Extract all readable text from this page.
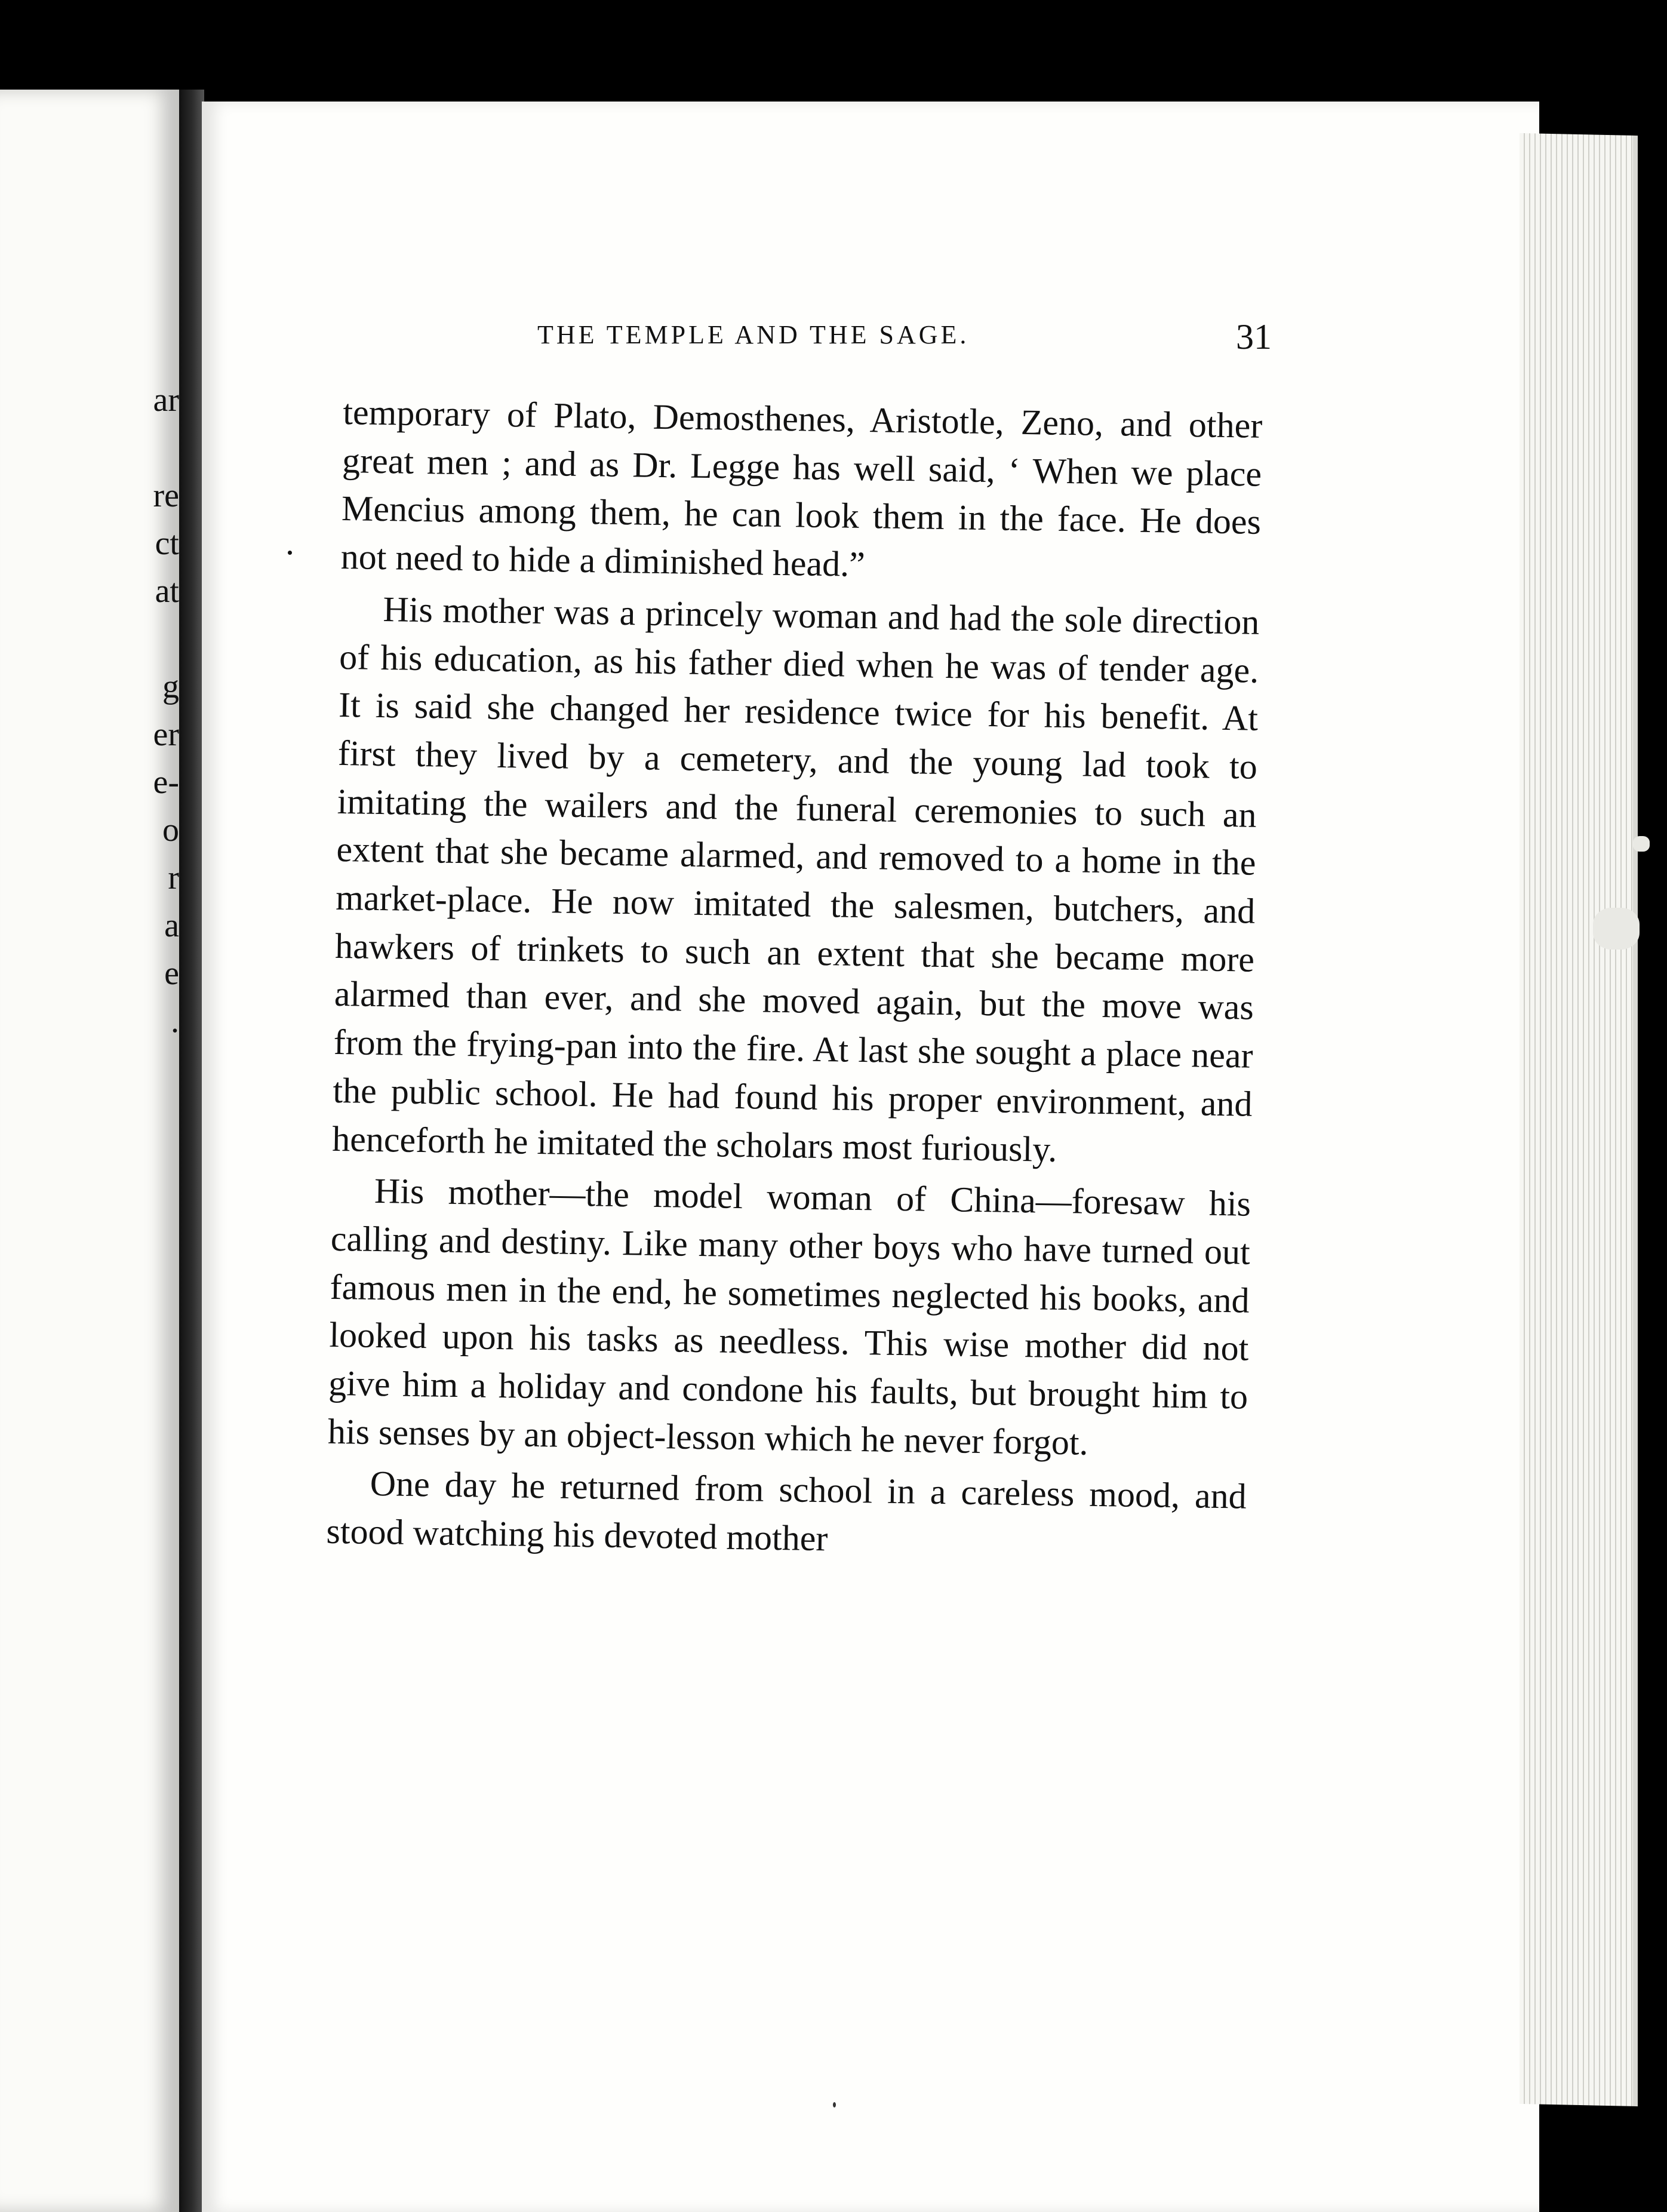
ar
re
ct
at
g
er
e-
o
r
a
e
.
THE TEMPLE AND THE SAGE.	31

temporary of Plato, Demosthenes, Aristotle, Zeno, and other great men ; and as Dr. Legge has well said, ‘ When we place Mencius among them, he can look them in the face. He does not need to hide a diminished head.”

His mother was a princely woman and had the sole direction of his education, as his father died when he was of tender age. It is said she changed her residence twice for his benefit. At first they lived by a cemetery, and the young lad took to imitating the wailers and the funeral ceremonies to such an extent that she became alarmed, and removed to a home in the market-place. He now imitated the salesmen, butchers, and hawkers of trinkets to such an extent that she became more alarmed than ever, and she moved again, but the move was from the frying-pan into the fire. At last she sought a place near the public school. He had found his proper environment, and henceforth he imitated the scholars most furiously.

His mother—the model woman of China—foresaw his calling and destiny. Like many other boys who have turned out famous men in the end, he sometimes neglected his books, and looked upon his tasks as needless. This wise mother did not give him a holiday and condone his faults, but brought him to his senses by an object-lesson which he never forgot.

One day he returned from school in a careless mood, and stood watching his devoted mother
